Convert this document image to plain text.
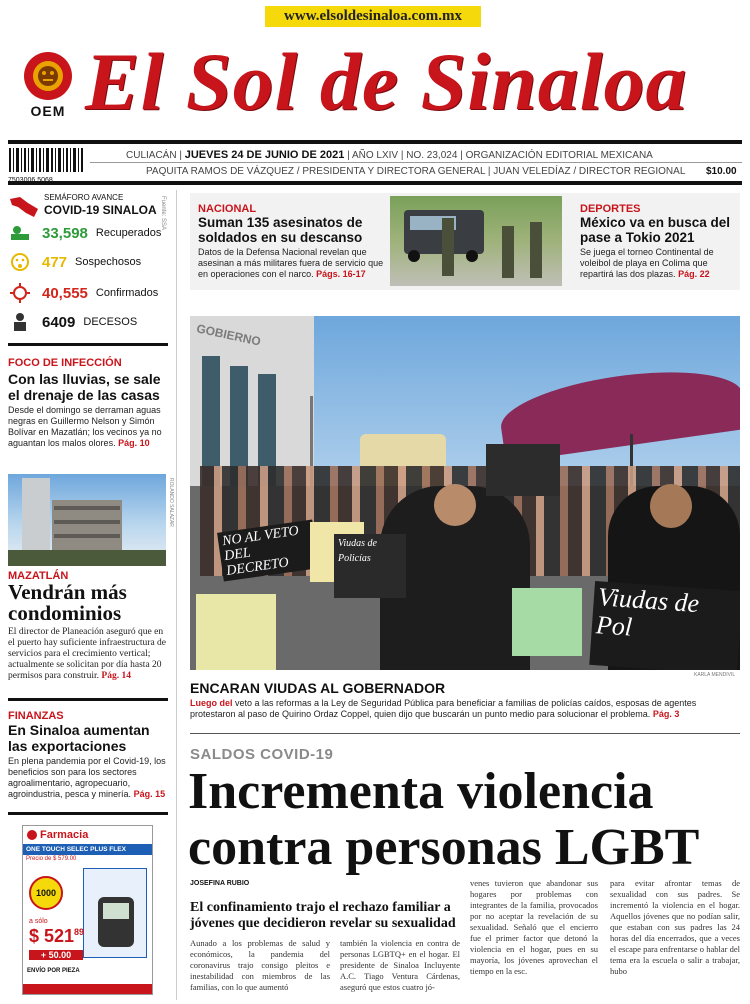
www.elsoldesinaloa.com.mx
OEM El Sol de Sinaloa
CULIACÁN | JUEVES 24 DE JUNIO DE 2021 | AÑO LXIV | NO. 23,024 | ORGANIZACIÓN EDITORIAL MEXICANA
PAQUITA RAMOS DE VÁZQUEZ / PRESIDENTA Y DIRECTORA GENERAL | JUAN VELEDÍAZ / DIRECTOR REGIONAL $10.00
SEMÁFORO AVANCE
COVID-19 SINALOA Fuente: SSA
33,598 Recuperados
477 Sospechosos
40,555 Confirmados
6409 DECESOS
FOCO DE INFECCIÓN
Con las lluvias, se sale el drenaje de las casas
Desde el domingo se derraman aguas negras en Guillermo Nelson y Simón Bolívar en Mazatlán; los vecinos ya no aguantan los malos olores. Pág. 10
ROLANDO SALAZAR
MAZATLÁN
Vendrán más condominios
El director de Planeación aseguró que en el puerto hay suficiente infraestructura de servicios para el crecimiento vertical; actualmente se solicitan por día hasta 20 permisos para construir. Pág. 14
FINANZAS
En Sinaloa aumentan las exportaciones
En plena pandemia por el Covid-19, los beneficios son para los sectores agroalimentario, agropecuario, agroindustria, pesca y minería. Pág. 15
Farmacia
ONE TOUCH SELEC PLUS FLEX
Precio de $ 579.00
1000
a sólo
$ $521^{89}$
+ 50.00
ENVÍO POR PIEZA
NACIONAL
Suman 135 asesinatos de soldados en su descanso
Datos de la Defensa Nacional revelan que asesinan a más militares fuera de servicio que en operaciones con el narco. Págs. 16-17
DEPORTES
México va en busca del pase a Tokio 2021
Se juega el torneo Continental de voleibol de playa en Colima que repartirá las dos plazas. Pág. 22
GOBIERNO
NO AL VETO DEL DECRETO
Viudas de Policías
Viudas de Pol
KARLA MENDIVIL
ENCARAN VIUDAS AL GOBERNADOR
Luego del veto a las reformas a la Ley de Seguridad Pública para beneficiar a familias de policías caídos, esposas de agentes protestaron al paso de Quirino Ordaz Coppel, quien dijo que buscarán un punto medio para solucionar el problema. Pág. 3
SALDOS COVID-19
Incrementa violencia
contra personas LGBT
JOSEFINA RUBIO
El confinamiento trajo el rechazo familiar a jóvenes que decidieron revelar su sexualidad
Aunado a los problemas de salud y económicos, la pandemia del coronavirus trajo consigo pleitos e inestabilidad con miembros de las familias, con lo que aumentó
también la violencia en contra de personas LGBTQ+ en el hogar. El presidente de Sinaloa Incluyente A.C. Tiago Ventura Cárdenas, aseguró que estos cuatro jó-
venes tuvieron que abandonar sus hogares por problemas con integrantes de la familia, provocados por no aceptar la revelación de su sexualidad. Señaló que el encierro fue el primer factor que detonó la violencia en el hogar, pues en su mayoría, los jóvenes aprovechan el tiempo en la esc.
para evitar afrontar temas de sexualidad con sus padres. Se incrementó la violencia en el hogar. Aquellos jóvenes que no podían salir, que estaban con sus padres las 24 horas del día encerrados, que a veces el escape para enfrentarse o hablar del tema era la escuela o salir a trabajar, hubo
